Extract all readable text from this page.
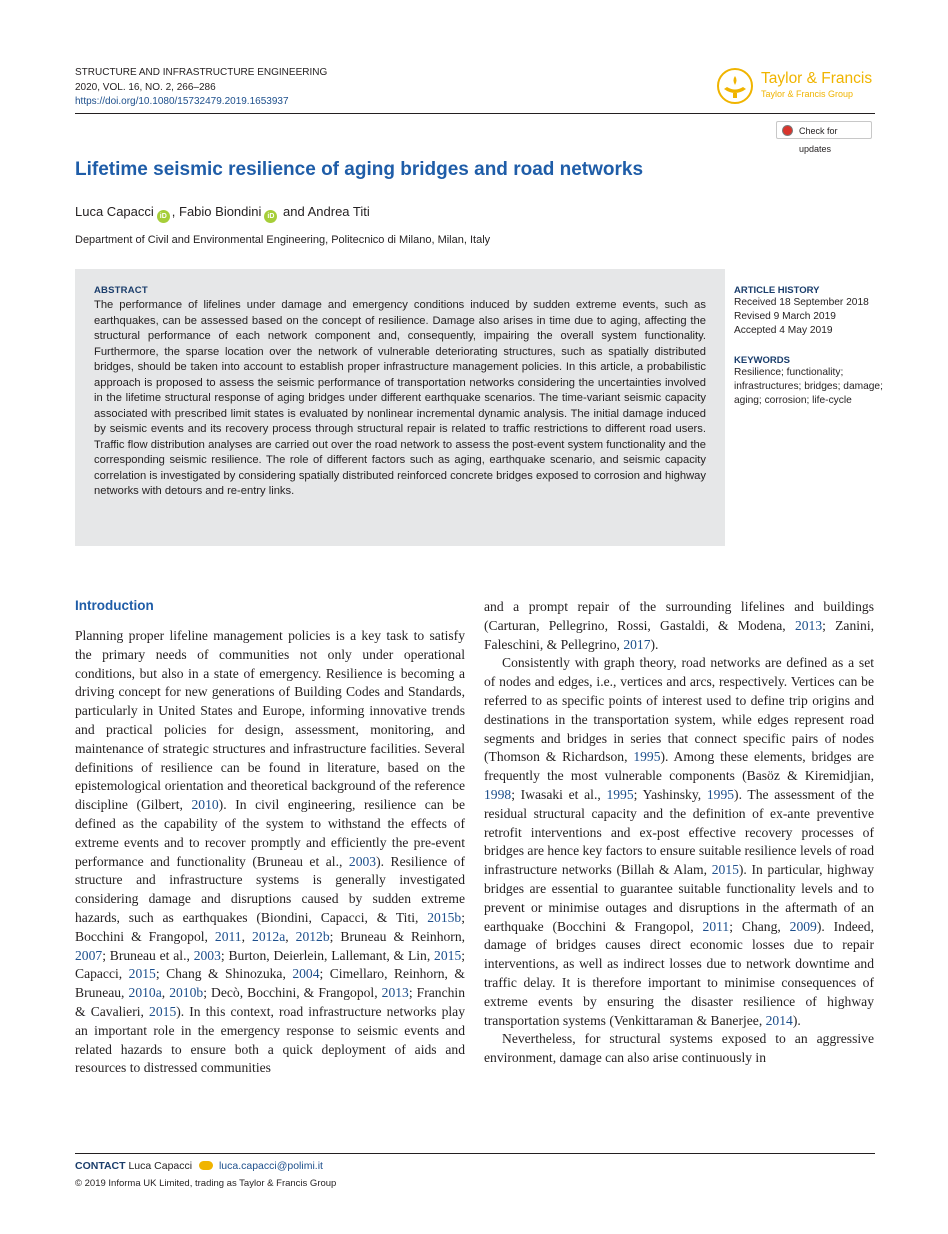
STRUCTURE AND INFRASTRUCTURE ENGINEERING
2020, VOL. 16, NO. 2, 266–286
https://doi.org/10.1080/15732479.2019.1653937
Taylor & Francis
Taylor & Francis Group
Check for updates
Lifetime seismic resilience of aging bridges and road networks
Luca Capacci iD , Fabio Biondini iD and Andrea Titi
Department of Civil and Environmental Engineering, Politecnico di Milano, Milan, Italy
ABSTRACT
The performance of lifelines under damage and emergency conditions induced by sudden extreme events, such as earthquakes, can be assessed based on the concept of resilience. Damage also arises in time due to aging, affecting the structural performance of each network component and, consequently, impairing the overall system functionality. Furthermore, the sparse location over the network of vulnerable deteriorating structures, such as spatially distributed bridges, should be taken into account to establish proper infrastructure management policies. In this article, a probabilistic approach is proposed to assess the seismic performance of transportation networks considering the uncertainties involved in the lifetime structural response of aging bridges under different earthquake scenarios. The time-variant seismic capacity associated with prescribed limit states is evaluated by nonlinear incremental dynamic analysis. The initial damage induced by seismic events and its recovery process through structural repair is related to traffic restrictions to different road users. Traffic flow distribution analyses are carried out over the road network to assess the post-event system functionality and the corresponding seismic resilience. The role of different factors such as aging, earthquake scenario, and seismic capacity correlation is investigated by considering spatially distributed reinforced concrete bridges exposed to corrosion and highway networks with detours and re-entry links.
ARTICLE HISTORY
Received 18 September 2018
Revised 9 March 2019
Accepted 4 May 2019
KEYWORDS
Resilience; functionality; infrastructures; bridges; damage; aging; corrosion; life-cycle
Introduction

Planning proper lifeline management policies is a key task to satisfy the primary needs of communities not only under operational conditions, but also in a state of emergency. Resilience is becoming a driving concept for new generations of Building Codes and Standards, particularly in United States and Europe, informing innovative trends and practical policies for design, assessment, monitoring, and maintenance of strategic structures and infrastructure facilities. Several definitions of resilience can be found in literature, based on the epistemological orientation and theoretical background of the reference discipline (Gilbert, 2010). In civil engineering, resilience can be defined as the capability of the system to withstand the effects of extreme events and to recover promptly and efficiently the pre-event performance and functionality (Bruneau et al., 2003). Resilience of structure and infrastructure systems is generally investigated considering damage and disruptions caused by sudden extreme hazards, such as earthquakes (Biondini, Capacci, & Titi, 2015b; Bocchini & Frangopol, 2011, 2012a, 2012b; Bruneau & Reinhorn, 2007; Bruneau et al., 2003; Burton, Deierlein, Lallemant, & Lin, 2015; Capacci, 2015; Chang & Shinozuka, 2004; Cimellaro, Reinhorn, & Bruneau, 2010a, 2010b; Decò, Bocchini, & Frangopol, 2013; Franchin & Cavalieri, 2015). In this context, road infrastructure networks play an important role in the emergency response to seismic events and related hazards to ensure both a quick deployment of aids and resources to distressed communities

and a prompt repair of the surrounding lifelines and buildings (Carturan, Pellegrino, Rossi, Gastaldi, & Modena, 2013; Zanini, Faleschini, & Pellegrino, 2017).

Consistently with graph theory, road networks are defined as a set of nodes and edges, i.e., vertices and arcs, respectively. Vertices can be referred to as specific points of interest used to define trip origins and destinations in the transportation system, while edges represent road segments and bridges in series that connect specific pairs of nodes (Thomson & Richardson, 1995). Among these elements, bridges are frequently the most vulnerable components (Basöz & Kiremidjian, 1998; Iwasaki et al., 1995; Yashinsky, 1995). The assessment of the residual structural capacity and the definition of ex-ante preventive retrofit interventions and ex-post effective recovery processes of bridges are hence key factors to ensure suitable resilience levels of road infrastructure networks (Billah & Alam, 2015). In particular, highway bridges are essential to guarantee suitable functionality levels and to prevent or minimise outages and disruptions in the aftermath of an earthquake (Bocchini & Frangopol, 2011; Chang, 2009). Indeed, damage of bridges causes direct economic losses due to repair interventions, as well as indirect losses due to network downtime and traffic delay. It is therefore important to minimise consequences of extreme events by ensuring the disaster resilience of highway transportation systems (Venkittaraman & Banerjee, 2014).

Nevertheless, for structural systems exposed to an aggressive environment, damage can also arise continuously in

CONTACT Luca Capacci	luca.capacci@polimi.it
© 2019 Informa UK Limited, trading as Taylor & Francis Group
